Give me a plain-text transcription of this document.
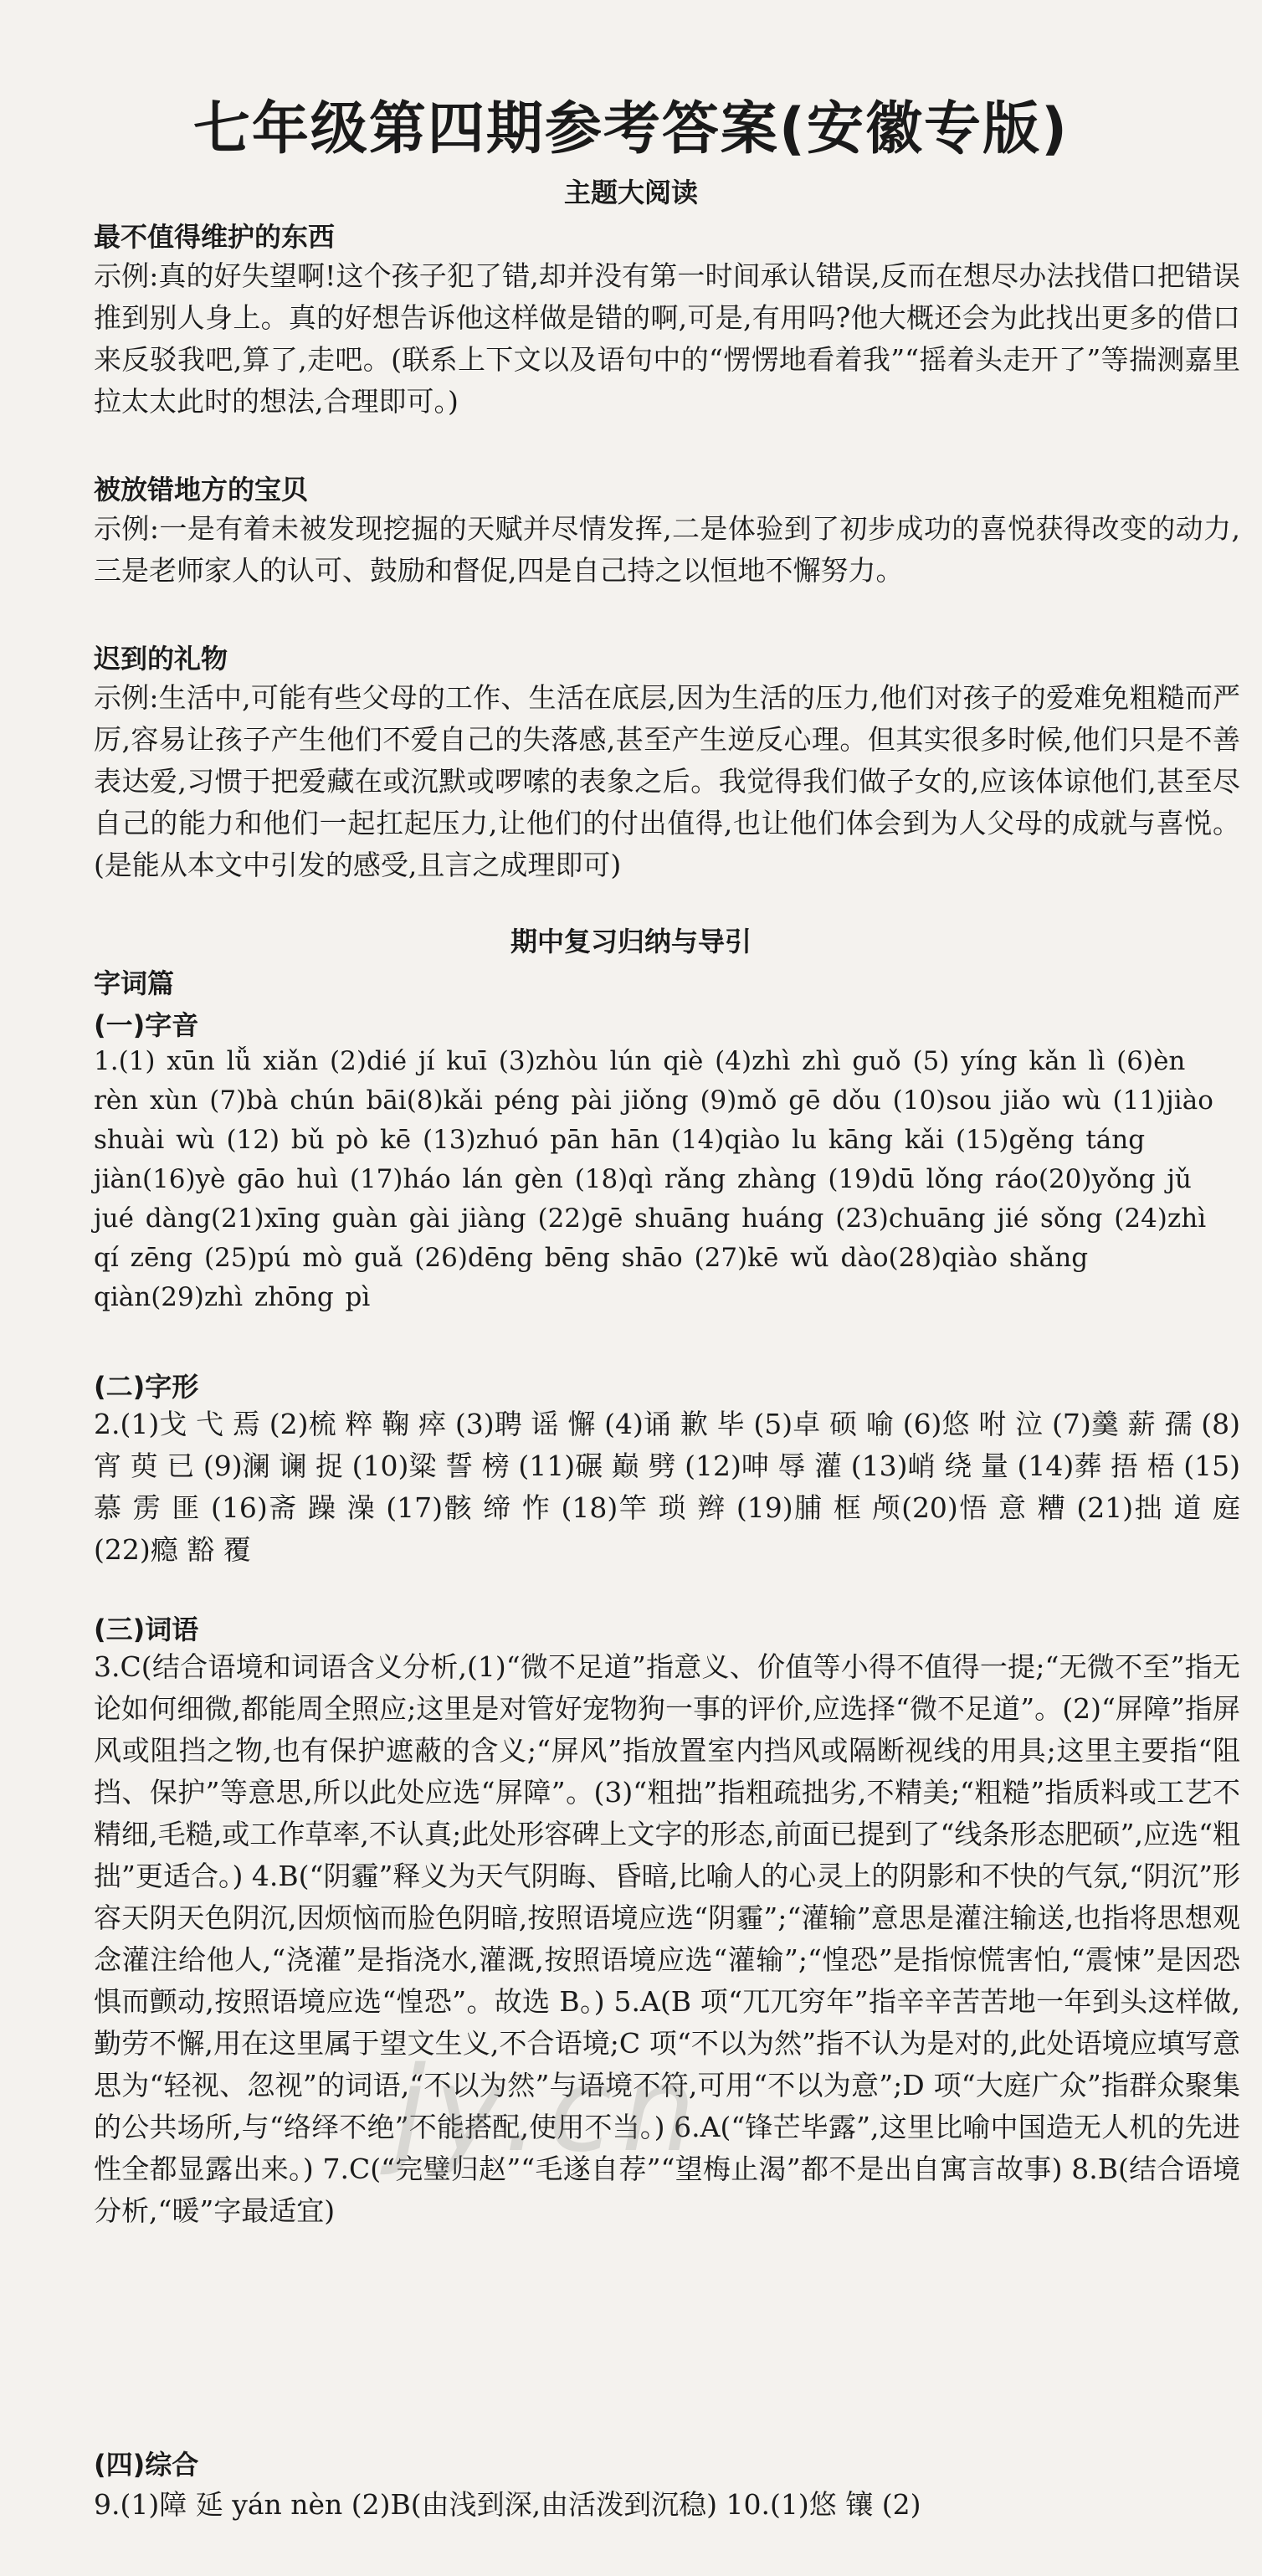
七年级第四期参考答案(安徽专版)
主题大阅读
最不值得维护的东西
示例:真的好失望啊!这个孩子犯了错,却并没有第一时间承认错误,反而在想尽办法找借口把错误推到别人身上。真的好想告诉他这样做是错的啊,可是,有用吗?他大概还会为此找出更多的借口来反驳我吧,算了,走吧。(联系上下文以及语句中的“愣愣地看着我”“摇着头走开了”等揣测嘉里拉太太此时的想法,合理即可。)
被放错地方的宝贝
示例:一是有着未被发现挖掘的天赋并尽情发挥,二是体验到了初步成功的喜悦获得改变的动力,三是老师家人的认可、鼓励和督促,四是自己持之以恒地不懈努力。
迟到的礼物
示例:生活中,可能有些父母的工作、生活在底层,因为生活的压力,他们对孩子的爱难免粗糙而严厉,容易让孩子产生他们不爱自己的失落感,甚至产生逆反心理。但其实很多时候,他们只是不善表达爱,习惯于把爱藏在或沉默或啰嗦的表象之后。我觉得我们做子女的,应该体谅他们,甚至尽自己的能力和他们一起扛起压力,让他们的付出值得,也让他们体会到为人父母的成就与喜悦。(是能从本文中引发的感受,且言之成理即可)
期中复习归纳与导引
字词篇
(一)字音
1.(1) xūn lǚ xiǎn (2)dié jí kuī (3)zhòu lún qiè (4)zhì zhì guǒ (5) yíng kǎn lì (6)èn rèn xùn (7)bà chún bāi(8)kǎi péng pài jiǒng (9)mǒ gē dǒu (10)sou jiǎo wù (11)jiào shuài wù (12) bǔ pò kē (13)zhuó pān hān (14)qiào lu kāng kǎi (15)gěng táng jiàn(16)yè gāo huì (17)háo lán gèn (18)qì rǎng zhàng (19)dū lǒng ráo(20)yǒng jǔ jué dàng(21)xīng guàn gài jiàng (22)gē shuāng huáng (23)chuāng jié sǒng (24)zhì qí zēng (25)pú mò guǎ (26)dēng bēng shāo (27)kē wǔ dào(28)qiào shǎng qiàn(29)zhì zhōng pì
(二)字形
2.(1)戈 弋 焉 (2)梳 粹 鞠 瘁 (3)聘 谣 懈 (4)诵 歉 毕 (5)卓 硕 喻 (6)悠 咐 泣 (7)羹 薪 孺 (8)宵 萸 已 (9)澜 谰 捉 (10)粱 誓 榜 (11)碾 巅 劈 (12)呻 辱 灌 (13)峭 绕 量 (14)葬 捂 梧 (15)慕 雳 匪 (16)斋 躁 澡 (17)骸 缔 怍 (18)竿 琐 辫 (19)脯 框 颅(20)悟 意 糟 (21)拙 道 庭 (22)瘾 豁 覆
(三)词语
3.C(结合语境和词语含义分析,(1)“微不足道”指意义、价值等小得不值得一提;“无微不至”指无论如何细微,都能周全照应;这里是对管好宠物狗一事的评价,应选择“微不足道”。(2)“屏障”指屏风或阻挡之物,也有保护遮蔽的含义;“屏风”指放置室内挡风或隔断视线的用具;这里主要指“阻挡、保护”等意思,所以此处应选“屏障”。(3)“粗拙”指粗疏拙劣,不精美;“粗糙”指质料或工艺不精细,毛糙,或工作草率,不认真;此处形容碑上文字的形态,前面已提到了“线条形态肥硕”,应选“粗拙”更适合。) 4.B(“阴霾”释义为天气阴晦、昏暗,比喻人的心灵上的阴影和不快的气氛,“阴沉”形容天阴天色阴沉,因烦恼而脸色阴暗,按照语境应选“阴霾”;“灌输”意思是灌注输送,也指将思想观念灌注给他人,“浇灌”是指浇水,灌溉,按照语境应选“灌输”;“惶恐”是指惊慌害怕,“震悚”是因恐惧而颤动,按照语境应选“惶恐”。故选 B。) 5.A(B 项“兀兀穷年”指辛辛苦苦地一年到头这样做,勤劳不懈,用在这里属于望文生义,不合语境;C 项“不以为然”指不认为是对的,此处语境应填写意思为“轻视、忽视”的词语,“不以为然”与语境不符,可用“不以为意”;D 项“大庭广众”指群众聚集的公共场所,与“络绎不绝”不能搭配,使用不当。) 6.A(“锋芒毕露”,这里比喻中国造无人机的先进性全都显露出来。) 7.C(“完璧归赵”“毛遂自荐”“望梅止渴”都不是出自寓言故事) 8.B(结合语境分析,“暖”字最适宜)
(四)综合
9.(1)障 延 yán nèn (2)B(由浅到深,由活泼到沉稳) 10.(1)悠 镶 (2)
jy.cn
